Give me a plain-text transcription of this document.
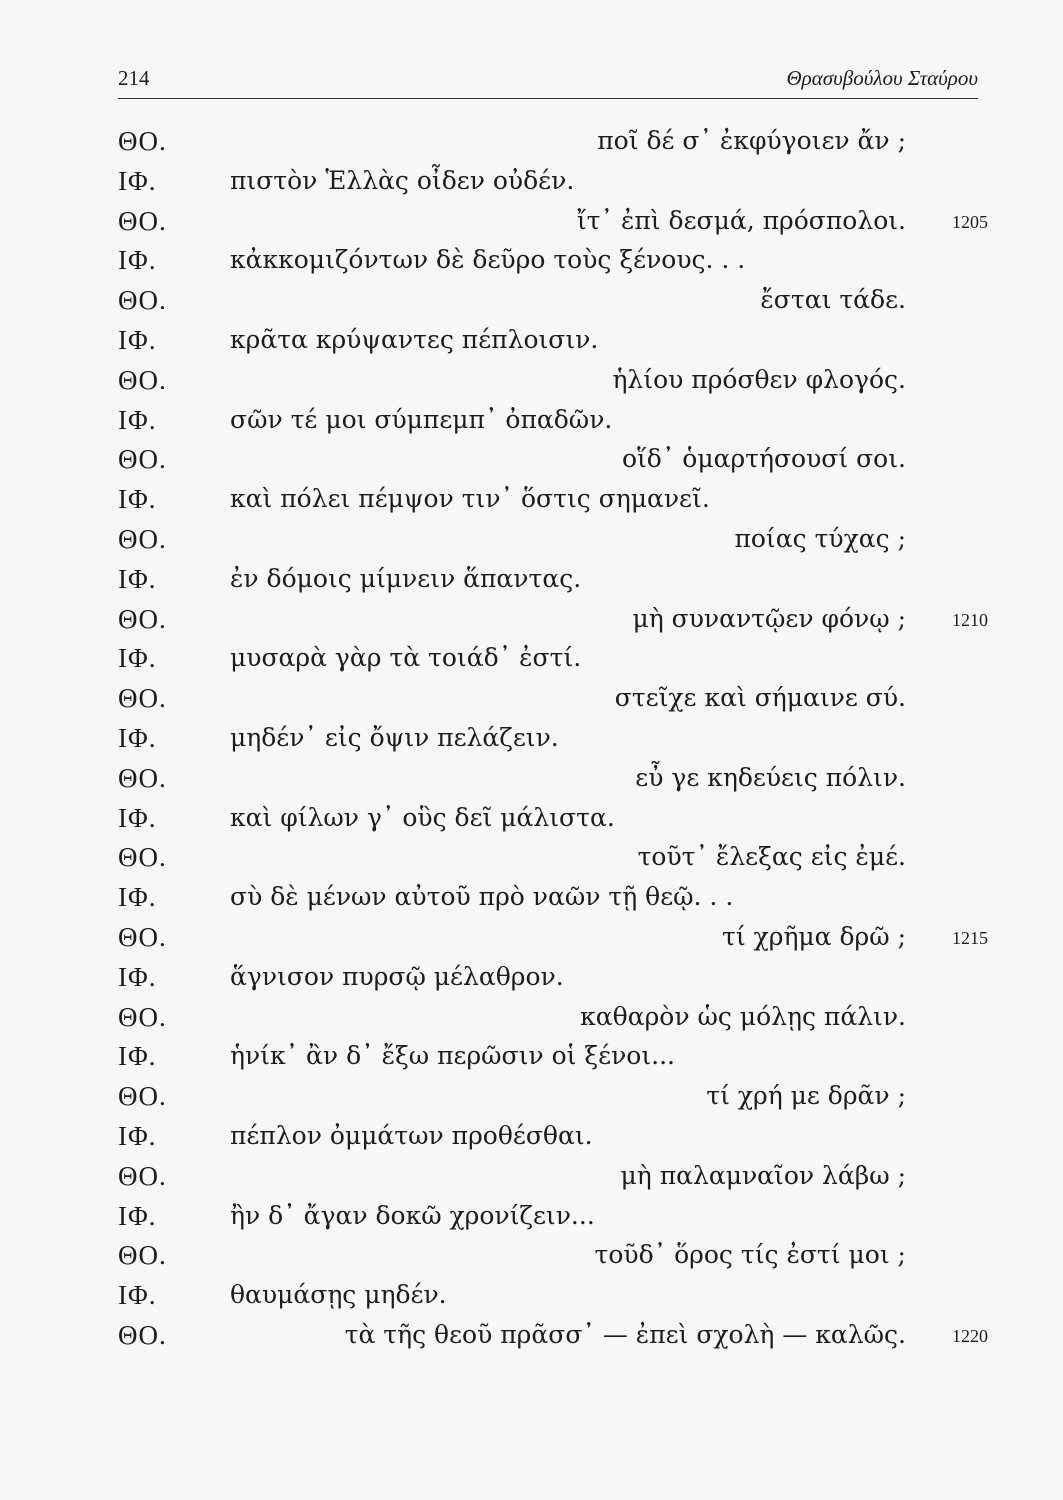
214	Θρασυβούλου Σταύρου
ΘΟ.	ποῖ δέ σ᾽ ἐκφύγοιεν ἄν ;
ΙΦ.	πιστὸν Ἑλλὰς οἶδεν οὐδέν.
ΘΟ.	ἴτ᾽ ἐπὶ δεσμά, πρόσπολοι.	1205
ΙΦ.	κἀκκομιζόντων δὲ δεῦρο τοὺς ξένους. . .
ΘΟ.	ἔσται τάδε.
ΙΦ.	κρᾶτα κρύψαντες πέπλοισιν.
ΘΟ.	ἡλίου πρόσθεν φλογός.
ΙΦ.	σῶν τέ μοι σύμπεμπ᾽ ὀπαδῶν.
ΘΟ.	οἵδ᾽ ὁμαρτήσουσί σοι.
ΙΦ.	καὶ πόλει πέμψον τιν᾽ ὅστις σημανεῖ.
ΘΟ.	ποίας τύχας ;
ΙΦ.	ἐν δόμοις μίμνειν ἅπαντας.
ΘΟ.	μὴ συναντῷεν φόνῳ ;	1210
ΙΦ.	μυσαρὰ γὰρ τὰ τοιάδ᾽ ἐστί.
ΘΟ.	στεῖχε καὶ σήμαινε σύ.
ΙΦ.	μηδέν᾽ εἰς ὄψιν πελάζειν.
ΘΟ.	εὖ γε κηδεύεις πόλιν.
ΙΦ.	καὶ φίλων γ᾽ οὓς δεῖ μάλιστα.
ΘΟ.	τοῦτ᾽ ἔλεξας εἰς ἐμέ.
ΙΦ.	σὺ δὲ μένων αὐτοῦ πρὸ ναῶν τῇ θεῷ. . .
ΘΟ.	τί χρῆμα δρῶ ;	1215
ΙΦ.	ἅγνισον πυρσῷ μέλαθρον.
ΘΟ.	καθαρὸν ὡς μόλῃς πάλιν.
ΙΦ.	ἡνίκ᾽ ἂν δ᾽ ἔξω περῶσιν οἱ ξένοι...
ΘΟ.	τί χρή με δρᾶν ;
ΙΦ.	πέπλον ὀμμάτων προθέσθαι.
ΘΟ.	μὴ παλαμναῖον λάβω ;
ΙΦ.	ἢν δ᾽ ἄγαν δοκῶ χρονίζειν...
ΘΟ.	τοῦδ᾽ ὅρος τίς ἐστί μοι ;
ΙΦ.	θαυμάσῃς μηδέν.
ΘΟ.	τὰ τῆς θεοῦ πρᾶσσ᾽ — ἐπεὶ σχολὴ — καλῶς.	1220
